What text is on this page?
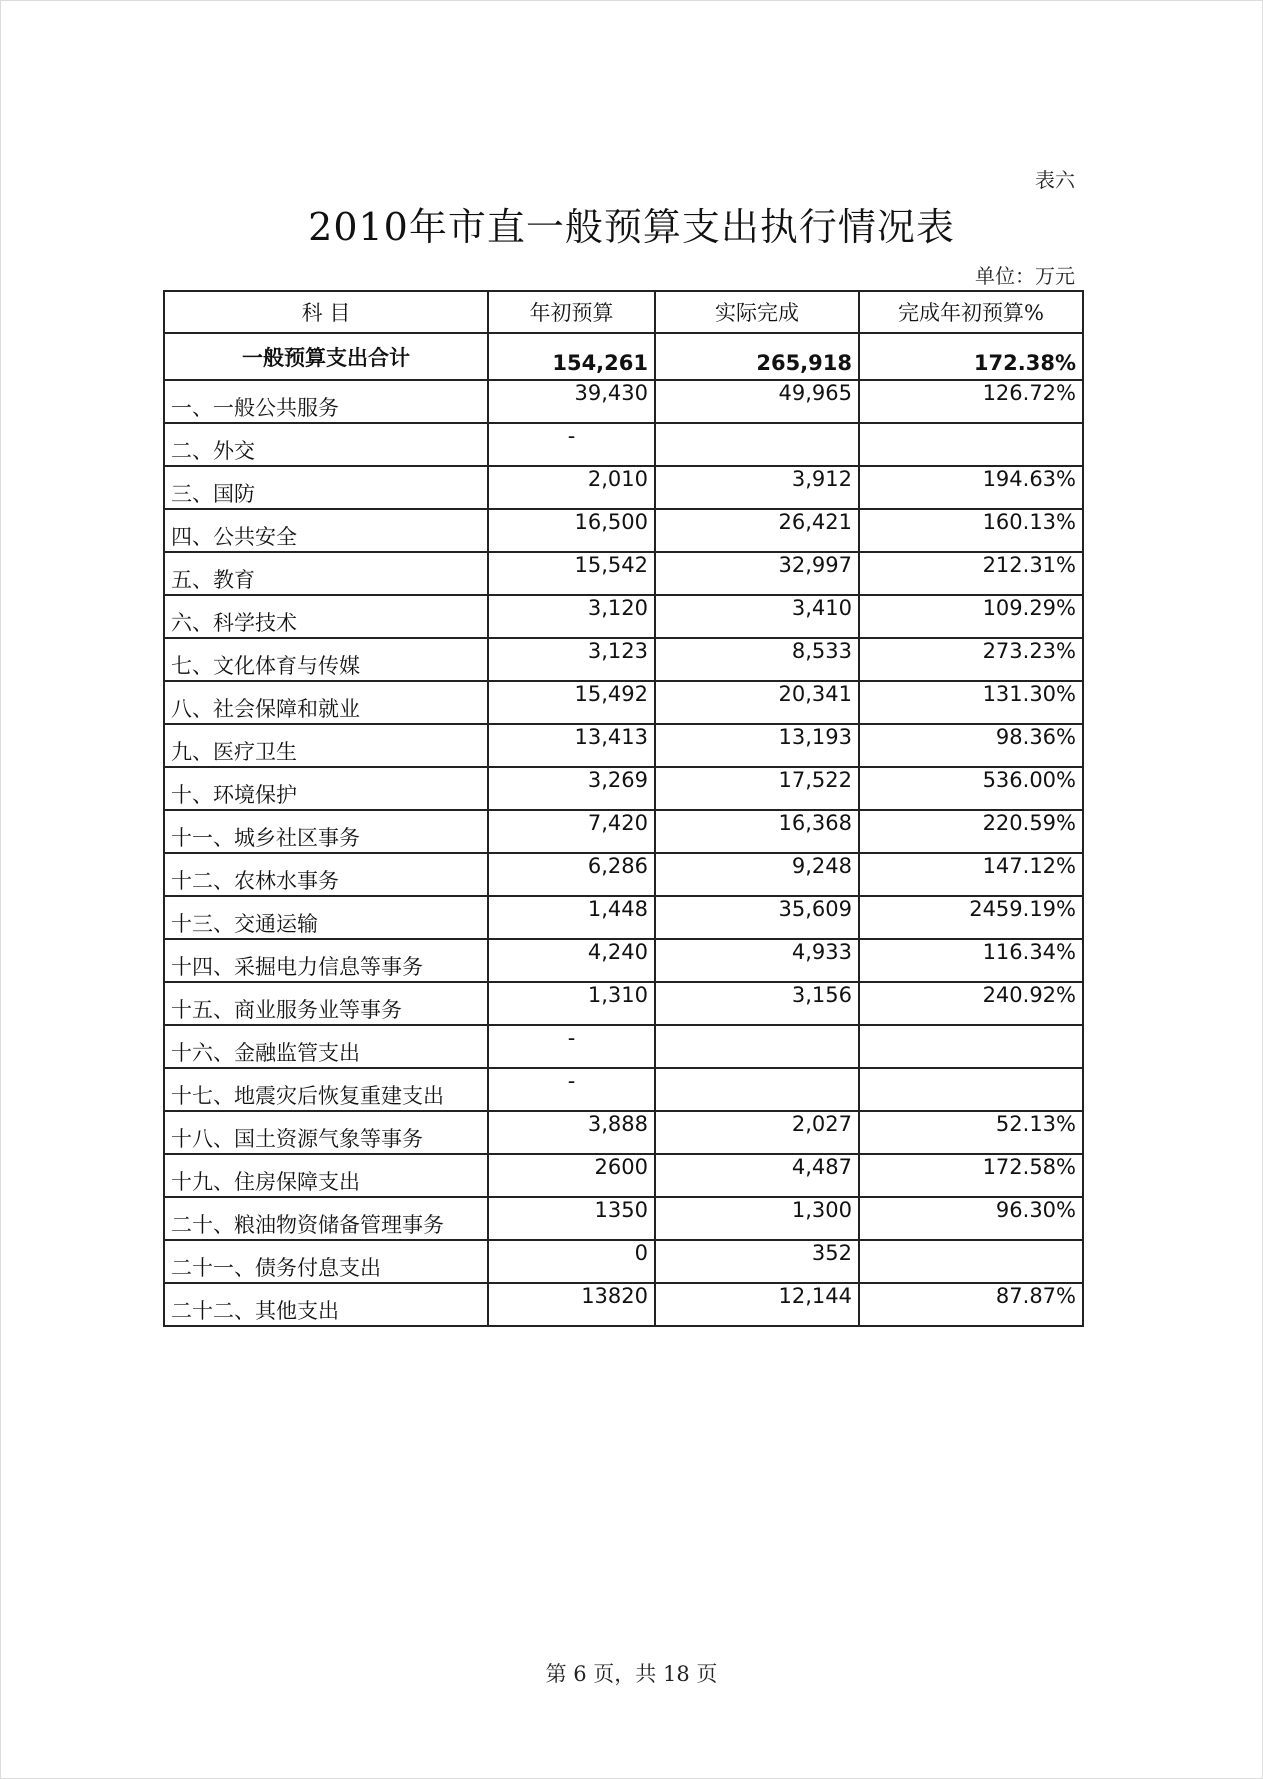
表六
2010年市直一般预算支出执行情况表
单位：万元
科 目	年初预算	实际完成	完成年初预算%
一般预算支出合计	154,261	265,918	172.38%
一、一般公共服务	39,430	49,965	126.72%
二、外交	-		
三、国防	2,010	3,912	194.63%
四、公共安全	16,500	26,421	160.13%
五、教育	15,542	32,997	212.31%
六、科学技术	3,120	3,410	109.29%
七、文化体育与传媒	3,123	8,533	273.23%
八、社会保障和就业	15,492	20,341	131.30%
九、医疗卫生	13,413	13,193	98.36%
十、环境保护	3,269	17,522	536.00%
十一、城乡社区事务	7,420	16,368	220.59%
十二、农林水事务	6,286	9,248	147.12%
十三、交通运输	1,448	35,609	2459.19%
十四、采掘电力信息等事务	4,240	4,933	116.34%
十五、商业服务业等事务	1,310	3,156	240.92%
十六、金融监管支出	-		
十七、地震灾后恢复重建支出	-		
十八、国土资源气象等事务	3,888	2,027	52.13%
十九、住房保障支出	2600	4,487	172.58%
二十、粮油物资储备管理事务	1350	1,300	96.30%
二十一、债务付息支出	0	352	
二十二、其他支出	13820	12,144	87.87%
第 6 页，共 18 页
